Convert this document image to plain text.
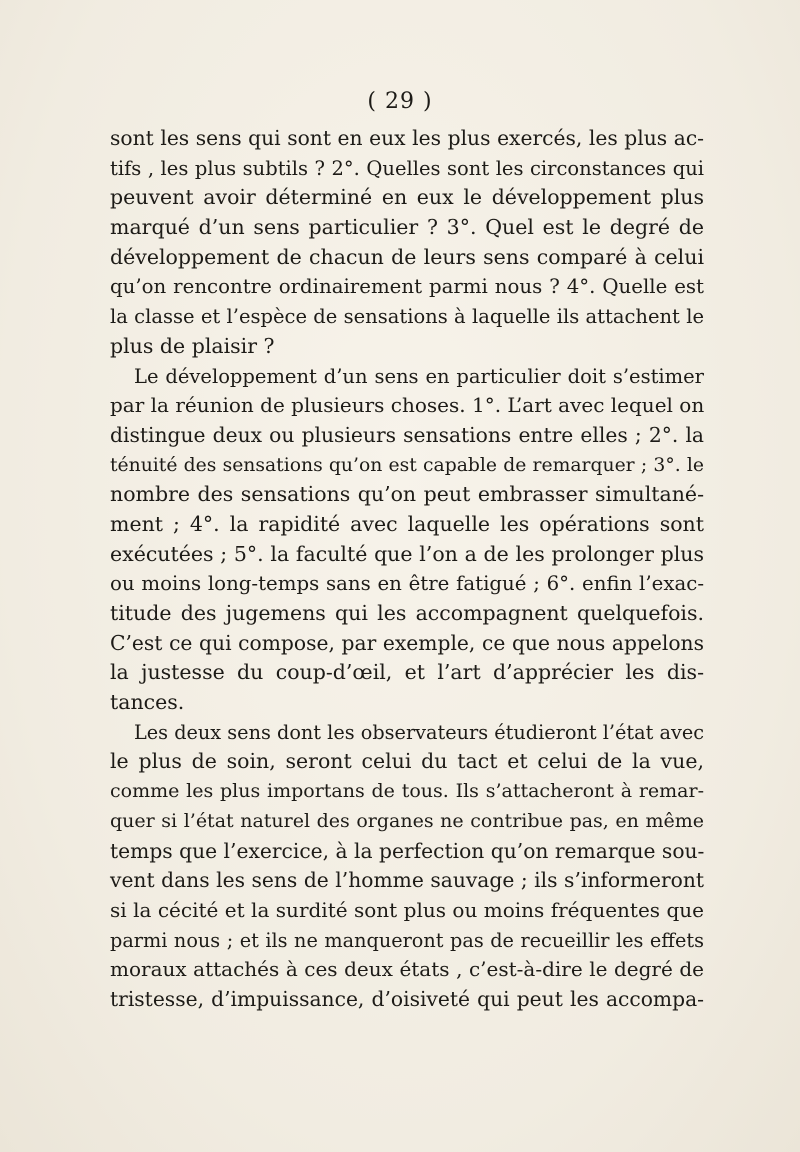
( 29 )

sont les sens qui sont en eux les plus exercés, les plus ac-
tifs , les plus subtils ? 2°. Quelles sont les circonstances qui
peuvent avoir déterminé en eux le développement plus
marqué d’un sens particulier ? 3°. Quel est le degré de
développement de chacun de leurs sens comparé à celui
qu’on rencontre ordinairement parmi nous ? 4°. Quelle est
la classe et l’espèce de sensations à laquelle ils attachent le
plus de plaisir ?

Le développement d’un sens en particulier doit s’estimer
par la réunion de plusieurs choses. 1°. L’art avec lequel on
distingue deux ou plusieurs sensations entre elles ; 2°. la
ténuité des sensations qu’on est capable de remarquer ; 3°. le
nombre des sensations qu’on peut embrasser simultané-
ment ; 4°. la rapidité avec laquelle les opérations sont
exécutées ; 5°. la faculté que l’on a de les prolonger plus
ou moins long-temps sans en être fatigué ; 6°. enfin l’exac-
titude des jugemens qui les accompagnent quelquefois.
C’est ce qui compose, par exemple, ce que nous appelons
la justesse du coup-d’œil, et l’art d’apprécier les dis-
tances.

Les deux sens dont les observateurs étudieront l’état avec
le plus de soin, seront celui du tact et celui de la vue,
comme les plus importans de tous. Ils s’attacheront à remar-
quer si l’état naturel des organes ne contribue pas, en même
temps que l’exercice, à la perfection qu’on remarque sou-
vent dans les sens de l’homme sauvage ; ils s’informeront
si la cécité et la surdité sont plus ou moins fréquentes que
parmi nous ; et ils ne manqueront pas de recueillir les effets
moraux attachés à ces deux états , c’est-à-dire le degré de
tristesse, d’impuissance, d’oisiveté qui peut les accompa-
